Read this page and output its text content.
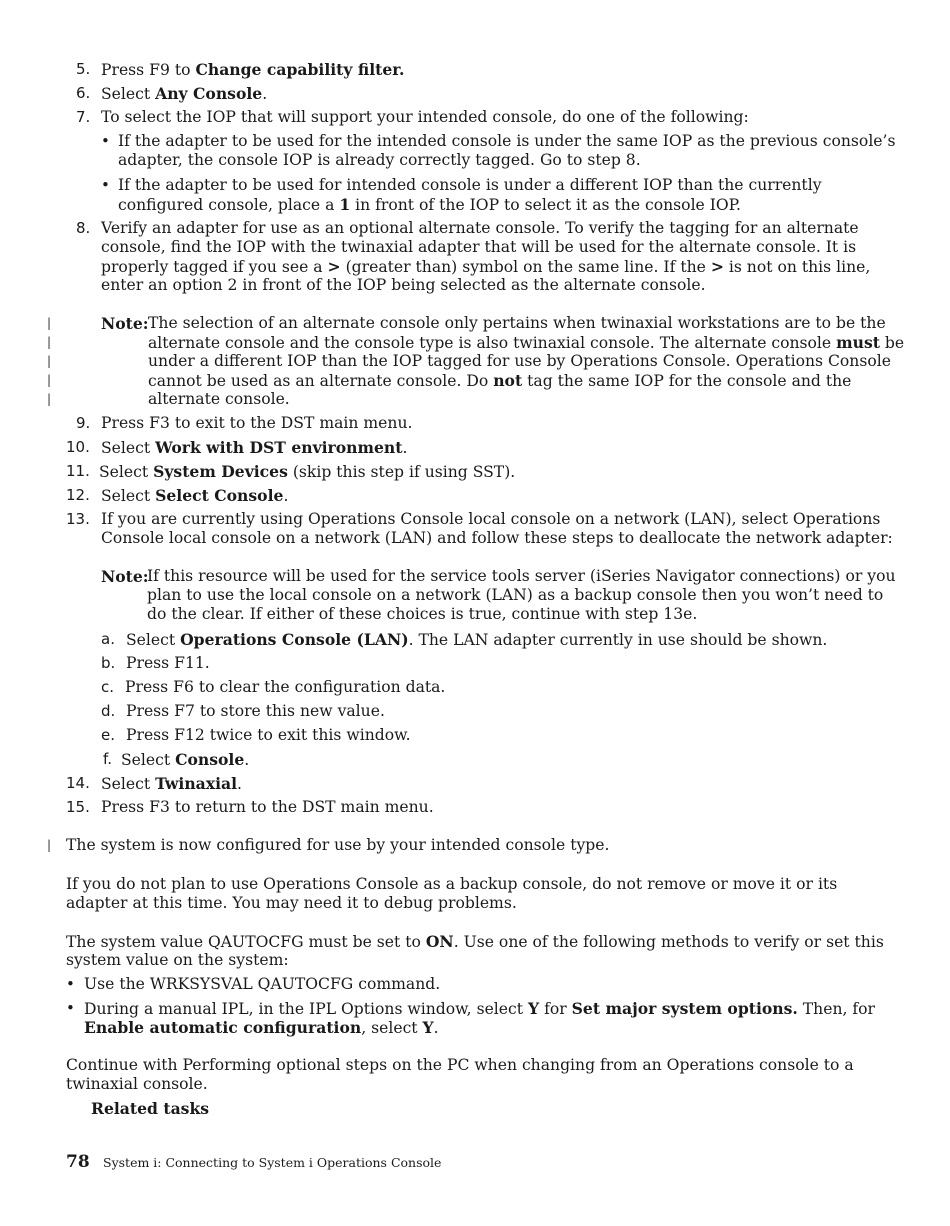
5. Press F9 to Change capability filter.
6. Select Any Console.
7. To select the IOP that will support your intended console, do one of the following:
• If the adapter to be used for the intended console is under the same IOP as the previous console’s
adapter, the console IOP is already correctly tagged. Go to step 8.
• If the adapter to be used for intended console is under a different IOP than the currently
configured console, place a 1 in front of the IOP to select it as the console IOP.
8. Verify an adapter for use as an optional alternate console. To verify the tagging for an alternate
console, find the IOP with the twinaxial adapter that will be used for the alternate console. It is
properly tagged if you see a > (greater than) symbol on the same line. If the > is not on this line,
enter an option 2 in front of the IOP being selected as the alternate console.
|
|
|
|
|
Note: The selection of an alternate console only pertains when twinaxial workstations are to be the
alternate console and the console type is also twinaxial console. The alternate console must be
under a different IOP than the IOP tagged for use by Operations Console. Operations Console
cannot be used as an alternate console. Do not tag the same IOP for the console and the
alternate console.
9. Press F3 to exit to the DST main menu.
10. Select Work with DST environment.
11. Select System Devices (skip this step if using SST).
12. Select Select Console.
13. If you are currently using Operations Console local console on a network (LAN), select Operations
Console local console on a network (LAN) and follow these steps to deallocate the network adapter:
Note:
If this resource will be used for the service tools server (iSeries Navigator connections) or you
plan to use the local console on a network (LAN) as a backup console then you won’t need to
do the clear. If either of these choices is true, continue with step 13e.
a. Select Operations Console (LAN). The LAN adapter currently in use should be shown.
b. Press F11.
c. Press F6 to clear the configuration data.
d. Press F7 to store this new value.
e. Press F12 twice to exit this window.
f. Select Console.
14. Select Twinaxial.
15. Press F3 to return to the DST main menu.
| The system is now configured for use by your intended console type.
If you do not plan to use Operations Console as a backup console, do not remove or move it or its
adapter at this time. You may need it to debug problems.
The system value QAUTOCFG must be set to ON. Use one of the following methods to verify or set this
system value on the system:
• Use the WRKSYSVAL QAUTOCFG command.
• During a manual IPL, in the IPL Options window, select Y for Set major system options. Then, for
Enable automatic configuration, select Y.
Continue with Performing optional steps on the PC when changing from an Operations console to a
twinaxial console.
Related tasks
78 System i: Connecting to System i Operations Console
